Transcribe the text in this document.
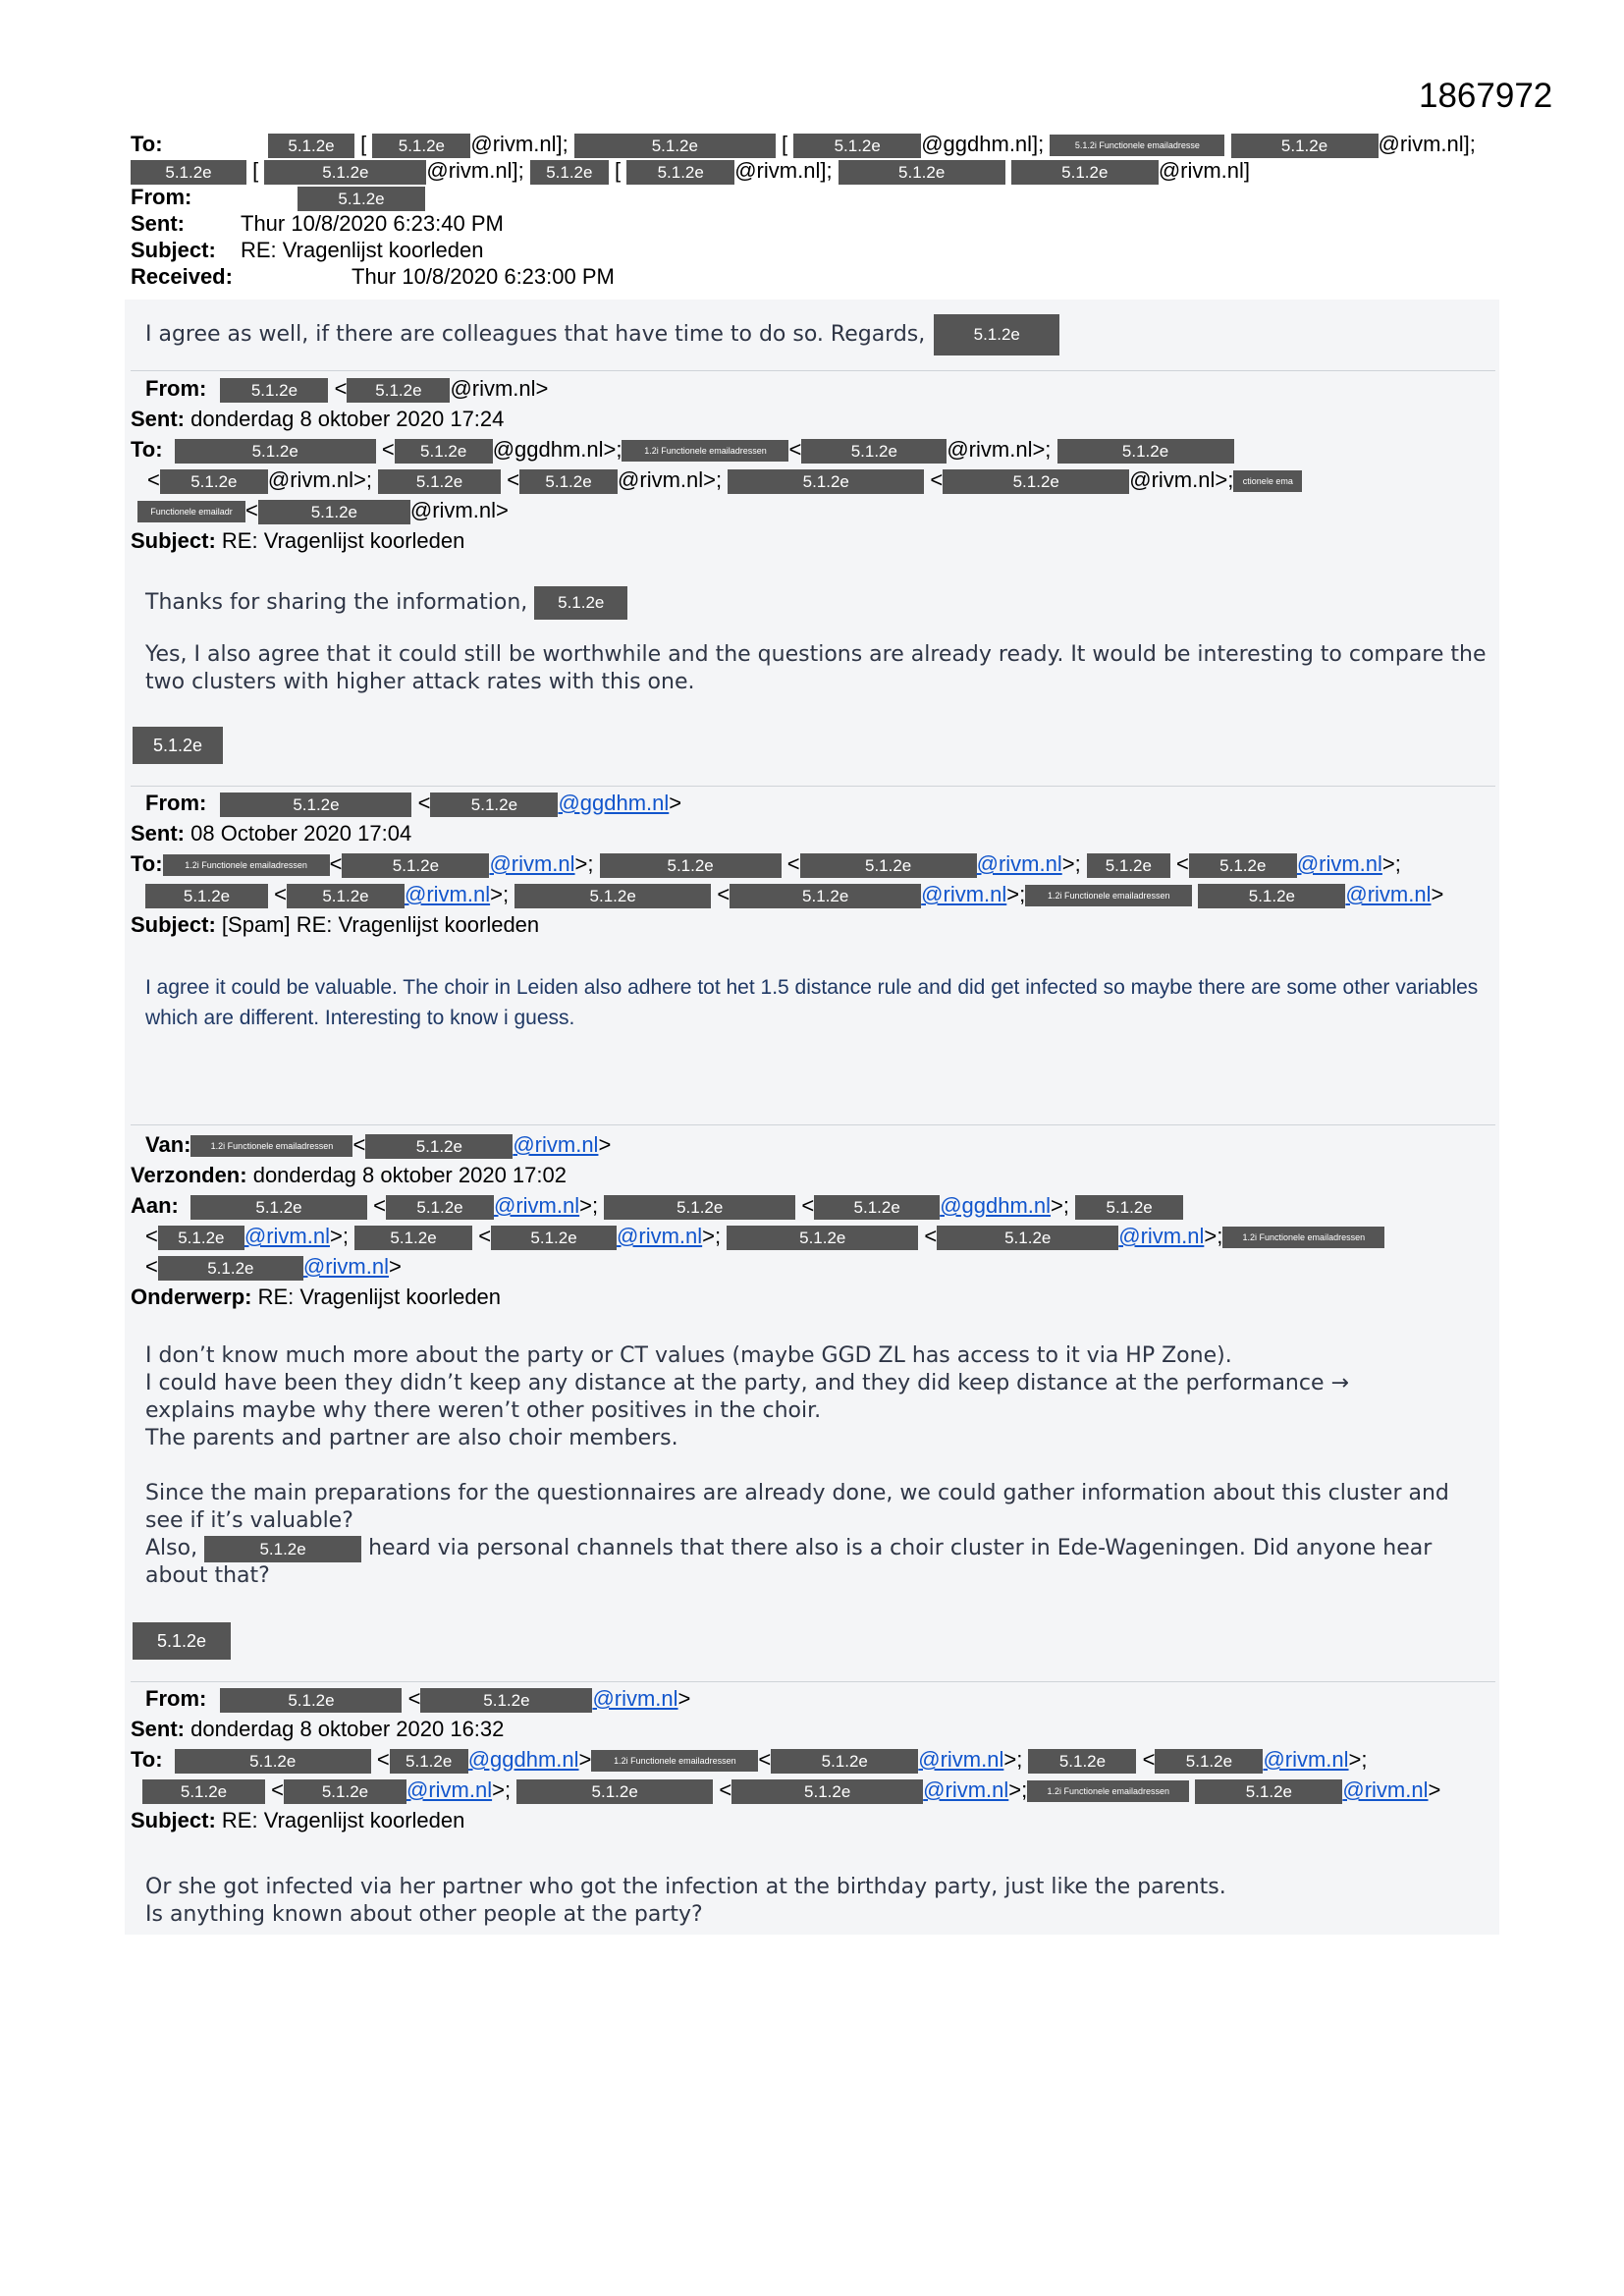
1867972
To:	5.1.2e [ 5.1.2e @rivm.nl];	5.1.2e	[	5.1.2e @ggdhm.nl];	5.1.2i Functionele emailadresse	5.1.2e @rivm.nl];
5.1.2e [	5.1.2e	@rivm.nl]; 5.1.2e [ 5.1.2e @rivm.nl];	5.1.2e	5.1.2e @rivm.nl]
From:	5.1.2e
Sent:	Thur 10/8/2020 6:23:40 PM
Subject: RE: Vragenlijst koorleden
Received:	Thur 10/8/2020 6:23:00 PM
I agree as well, if there are colleagues that have time to do so. Regards,	5.1.2e
From:	5.1.2e < 5.1.2e @rivm.nl>
Sent: donderdag 8 oktober 2020 17:24
To:	5.1.2e	< 5.1.2e @ggdhm.nl>;	1.2i Functionele emailadressen <	5.1.2e @rivm.nl>;	5.1.2e
< 5.1.2e @rivm.nl>;	5.1.2e < 5.1.2e @rivm.nl>;	5.1.2e	<	5.1.2e	@rivm.nl>; ctionele ema
Functionele emailadr <	5.1.2e @rivm.nl>
Subject: RE: Vragenlijst koorleden

Thanks for sharing the information, 5.1.2e

Yes, I also agree that it could still be worthwhile and the questions are already ready. It would be interesting to compare the two clusters with higher attack rates with this one.

5.1.2e
From:	5.1.2e	< 5.1.2e @ggdhm.nl>
Sent: 08 October 2020 17:04
To:	1.2i Functionele emailadressen <	5.1.2e @rivm.nl>;	5.1.2e	<	5.1.2e	@rivm.nl>; 5.1.2e < 5.1.2e @rivm.nl>;
5.1.2e < 5.1.2e @rivm.nl>;	5.1.2e	<	5.1.2e	@rivm.nl>;	1.2i Functionele emailadressen	5.1.2e @rivm.nl>
Subject: [Spam] RE: Vragenlijst koorleden
I agree it could be valuable. The choir in Leiden also adhere tot het 1.5 distance rule and did get infected so maybe there are some other variables which are different. Interesting to know i guess.
Van: 1.2i Functionele emailadressen <	5.1.2e @rivm.nl>
Verzonden: donderdag 8 oktober 2020 17:02
Aan:	5.1.2e	< 5.1.2e @rivm.nl>;	5.1.2e	< 5.1.2e @ggdhm.nl>; 5.1.2e
< 5.1.2e @rivm.nl>; 5.1.2e < 5.1.2e @rivm.nl>;	5.1.2e	<	5.1.2e	@rivm.nl>; 1.2i Functionele emailadressen
<	5.1.2e @rivm.nl>
Onderwerp: RE: Vragenlijst koorleden

I don’t know much more about the party or CT values (maybe GGD ZL has access to it via HP Zone).

I could have been they didn’t keep any distance at the party, and they did keep distance at the performance →

explains maybe why there weren’t other positives in the choir.

The parents and partner are also choir members.

Since the main preparations for the questionnaires are already done, we could gather information about this cluster and see if it’s valuable?

Also,	5.1.2e	heard via personal channels that there also is a choir cluster in Ede-Wageningen. Did anyone hear about that?

5.1.2e
From:	5.1.2e	<	5.1.2e	@rivm.nl>
Sent: donderdag 8 oktober 2020 16:32
To:	5.1.2e	< 5.1.2e @ggdhm.nl>	1.2i Functionele emailadressen <	5.1.2e @rivm.nl>; 5.1.2e < 5.1.2e @rivm.nl>;
5.1.2e < 5.1.2e @rivm.nl>;	5.1.2e	<	5.1.2e	@rivm.nl>; 1.2i Functionele emailadressen	5.1.2e @rivm.nl>
Subject: RE: Vragenlijst koorleden

Or she got infected via her partner who got the infection at the birthday party, just like the parents.

Is anything known about other people at the party?
